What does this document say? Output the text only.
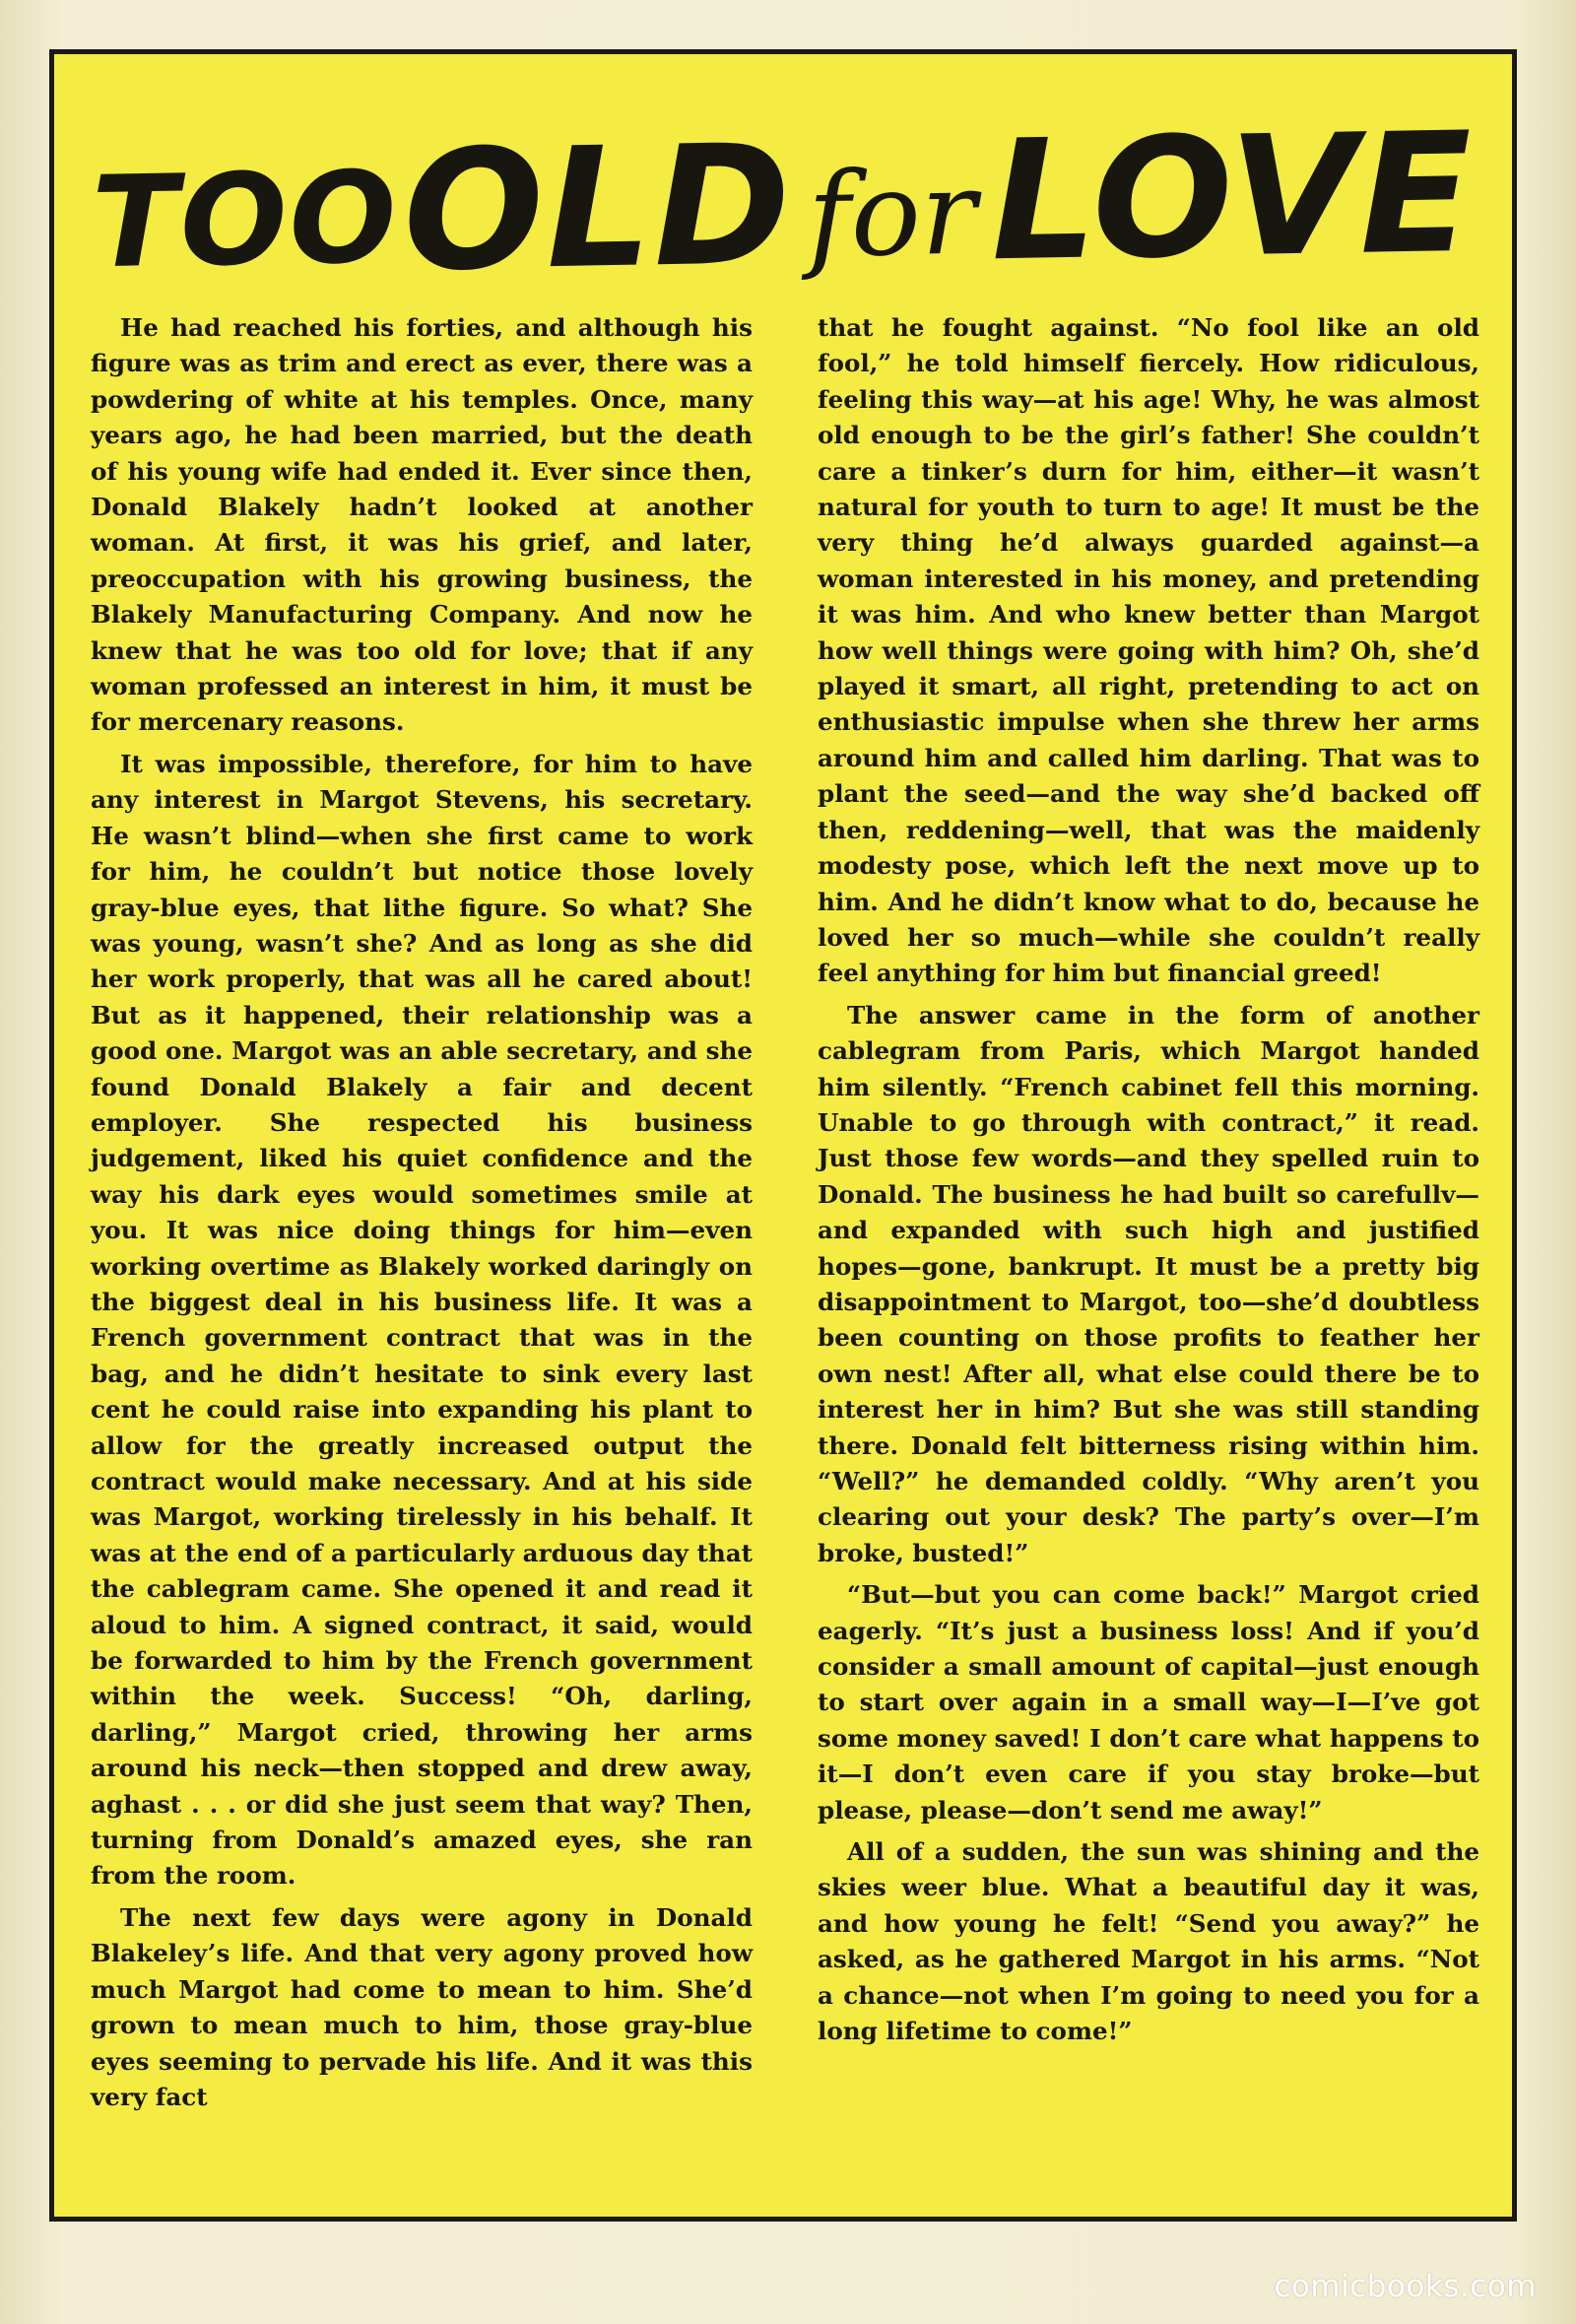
TOO OLD for LOVE

He had reached his forties, and although his figure was as trim and erect as ever, there was a powdering of white at his temples. Once, many years ago, he had been married, but the death of his young wife had ended it. Ever since then, Donald Blakely hadn’t looked at another woman. At first, it was his grief, and later, preoccupation with his growing business, the Blakely Manufacturing Company. And now he knew that he was too old for love; that if any woman professed an interest in him, it must be for mercenary reasons.

It was impossible, therefore, for him to have any interest in Margot Stevens, his secretary. He wasn’t blind—when she first came to work for him, he couldn’t but notice those lovely gray-blue eyes, that lithe figure. So what? She was young, wasn’t she? And as long as she did her work properly, that was all he cared about! But as it happened, their relationship was a good one. Margot was an able secretary, and she found Donald Blakely a fair and decent employer. She respected his business judgement, liked his quiet confidence and the way his dark eyes would sometimes smile at you. It was nice doing things for him—even working overtime as Blakely worked daringly on the biggest deal in his business life. It was a French government contract that was in the bag, and he didn’t hesitate to sink every last cent he could raise into expanding his plant to allow for the greatly increased output the contract would make necessary. And at his side was Margot, working tirelessly in his behalf. It was at the end of a particularly arduous day that the cablegram came. She opened it and read it aloud to him. A signed contract, it said, would be forwarded to him by the French government within the week. Success! “Oh, darling, darling,” Margot cried, throwing her arms around his neck—then stopped and drew away, aghast . . . or did she just seem that way? Then, turning from Donald’s amazed eyes, she ran from the room.

The next few days were agony in Donald Blakeley’s life. And that very agony proved how much Margot had come to mean to him. She’d grown to mean much to him, those gray-blue eyes seeming to pervade his life. And it was this very fact

that he fought against. “No fool like an old fool,” he told himself fiercely. How ridiculous, feeling this way—at his age! Why, he was almost old enough to be the girl’s father! She couldn’t care a tinker’s durn for him, either—it wasn’t natural for youth to turn to age! It must be the very thing he’d always guarded against—a woman interested in his money, and pretending it was him. And who knew better than Margot how well things were going with him? Oh, she’d played it smart, all right, pretending to act on enthusiastic impulse when she threw her arms around him and called him darling. That was to plant the seed—and the way she’d backed off then, reddening—well, that was the maidenly modesty pose, which left the next move up to him. And he didn’t know what to do, because he loved her so much—while she couldn’t really feel anything for him but financial greed!

The answer came in the form of another cablegram from Paris, which Margot handed him silently. “French cabinet fell this morning. Unable to go through with contract,” it read. Just those few words—and they spelled ruin to Donald. The business he had built so carefullv—and expanded with such high and justified hopes—gone, bankrupt. It must be a pretty big disappointment to Margot, too—she’d doubtless been counting on those profits to feather her own nest! After all, what else could there be to interest her in him? But she was still standing there. Donald felt bitterness rising within him. “Well?” he demanded coldly. “Why aren’t you clearing out your desk? The party’s over—I’m broke, busted!”

“But—but you can come back!” Margot cried eagerly. “It’s just a business loss! And if you’d consider a small amount of capital—just enough to start over again in a small way—I—I’ve got some money saved! I don’t care what happens to it—I don’t even care if you stay broke—but please, please—don’t send me away!”

All of a sudden, the sun was shining and the skies weer blue. What a beautiful day it was, and how young he felt! “Send you away?” he asked, as he gathered Margot in his arms. “Not a chance—not when I’m going to need you for a long lifetime to come!”

comicbooks.com
